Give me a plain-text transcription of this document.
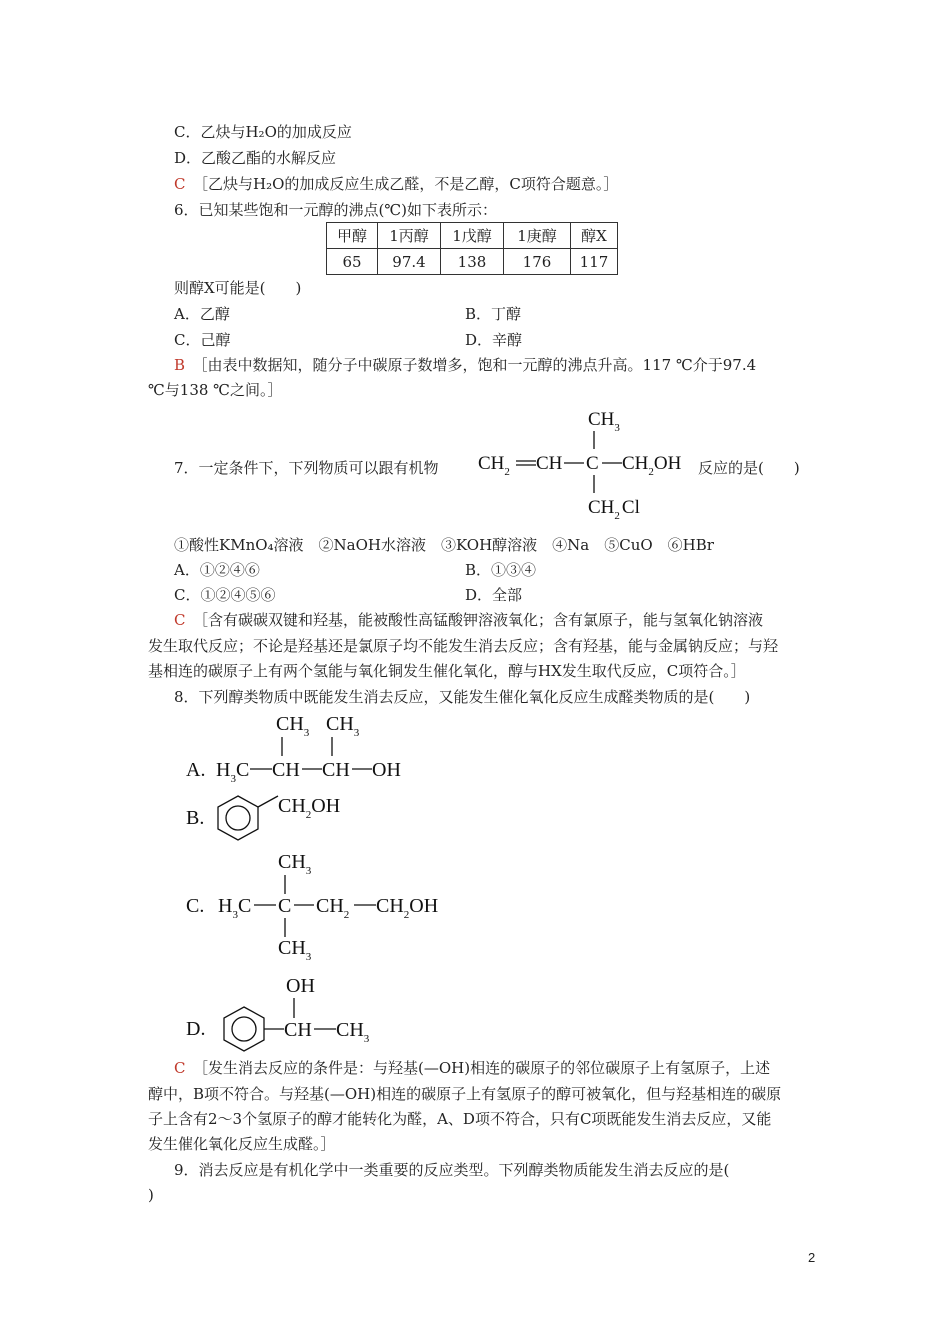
C．乙炔与H₂O的加成反应
D．乙酸乙酯的水解反应
C　 ［乙炔与H₂O的加成反应生成乙醛，不是乙醇，C项符合题意。］
6．已知某些饱和一元醇的沸点(℃)如下表所示：
甲醇	1丙醇	1戊醇	1庚醇	醇X
65	97.4	138	176	117
则醇X可能是(　　)
A．乙醇	B．丁醇
C．己醇	D．辛醇
B　 ［由表中数据知，随分子中碳原子数增多，饱和一元醇的沸点升高。117 ℃介于97.4
℃与138 ℃之间。］
7．一定条件下，下列物质可以跟有机物
$CH_3$
$CH_2$ CH C $CH_2OH$
$CH_2$ Cl
反应的是(　　)
①酸性KMnO₄溶液　②NaOH水溶液　③KOH醇溶液　④Na　⑤CuO　⑥HBr
A．①②④⑥	B．①③④
C．①②④⑤⑥	D．全部
C　 ［含有碳碳双键和羟基，能被酸性高锰酸钾溶液氧化；含有氯原子，能与氢氧化钠溶液
发生取代反应；不论是羟基还是氯原子均不能发生消去反应；含有羟基，能与金属钠反应；与羟
基相连的碳原子上有两个氢能与氧化铜发生催化氧化，醇与HX发生取代反应，C项符合。］
8．下列醇类物质中既能发生消去反应，又能发生催化氧化反应生成醛类物质的是(　　)
$CH_3$ $CH_3$
A. $H_3C$ CH CH OH
B.
$CH_2OH$
$CH_3$
C. $H_3C$ C $CH_2$ $CH_2OH$
$CH_3$
OH
D.	CH $CH_3$
C　 ［发生消去反应的条件是：与羟基(—OH)相连的碳原子的邻位碳原子上有氢原子，上述
醇中，B项不符合。与羟基(—OH)相连的碳原子上有氢原子的醇可被氧化，但与羟基相连的碳原
子上含有2～3个氢原子的醇才能转化为醛，A、D项不符合，只有C项既能发生消去反应，又能
发生催化氧化反应生成醛。］
9．消去反应是有机化学中一类重要的反应类型。下列醇类物质能发生消去反应的是(
)
2
